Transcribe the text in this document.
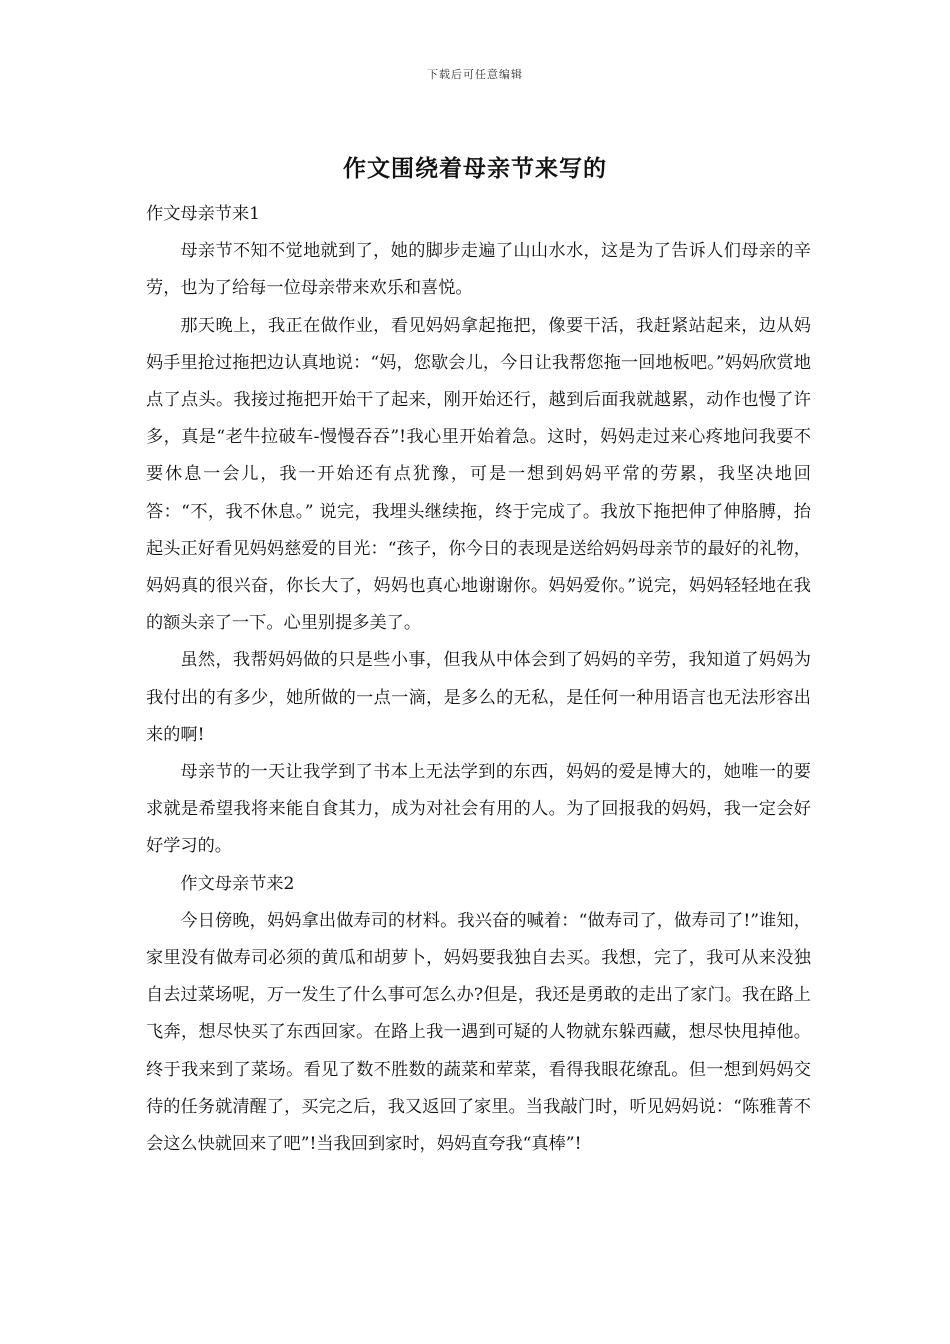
下载后可任意编辑
作文围绕着母亲节来写的

作文母亲节来1

母亲节不知不觉地就到了，她的脚步走遍了山山水水，这是为了告诉人们母亲的辛劳，也为了给每一位母亲带来欢乐和喜悦。

那天晚上，我正在做作业，看见妈妈拿起拖把，像要干活，我赶紧站起来，边从妈妈手里抢过拖把边认真地说：“妈，您歇会儿，今日让我帮您拖一回地板吧。”妈妈欣赏地点了点头。我接过拖把开始干了起来，刚开始还行，越到后面我就越累，动作也慢了许多，真是“老牛拉破车-慢慢吞吞”!我心里开始着急。这时，妈妈走过来心疼地问我要不要休息一会儿，我一开始还有点犹豫，可是一想到妈妈平常的劳累，我坚决地回答：“不，我不休息。” 说完，我埋头继续拖，终于完成了。我放下拖把伸了伸胳膊，抬起头正好看见妈妈慈爱的目光：“孩子，你今日的表现是送给妈妈母亲节的最好的礼物，妈妈真的很兴奋，你长大了，妈妈也真心地谢谢你。妈妈爱你。”说完，妈妈轻轻地在我的额头亲了一下。心里别提多美了。

虽然，我帮妈妈做的只是些小事，但我从中体会到了妈妈的辛劳，我知道了妈妈为我付出的有多少，她所做的一点一滴，是多么的无私，是任何一种用语言也无法形容出来的啊!

母亲节的一天让我学到了书本上无法学到的东西，妈妈的爱是博大的，她唯一的要求就是希望我将来能自食其力，成为对社会有用的人。为了回报我的妈妈，我一定会好好学习的。

作文母亲节来2

今日傍晚，妈妈拿出做寿司的材料。我兴奋的喊着：“做寿司了，做寿司了!”谁知，家里没有做寿司必须的黄瓜和胡萝卜，妈妈要我独自去买。我想，完了，我可从来没独自去过菜场呢，万一发生了什么事可怎么办?但是，我还是勇敢的走出了家门。我在路上飞奔，想尽快买了东西回家。在路上我一遇到可疑的人物就东躲西藏，想尽快甩掉他。终于我来到了菜场。看见了数不胜数的蔬菜和荤菜，看得我眼花缭乱。但一想到妈妈交待的任务就清醒了，买完之后，我又返回了家里。当我敲门时，听见妈妈说：“陈雅菁不会这么快就回来了吧”!当我回到家时，妈妈直夸我“真棒”!
